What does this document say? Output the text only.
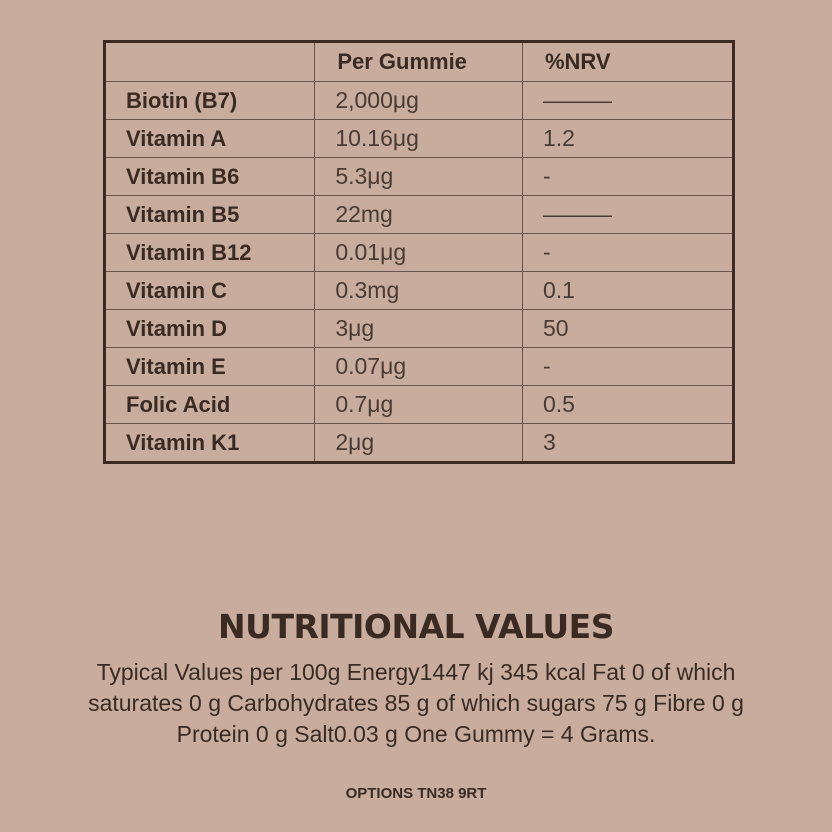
	Per Gummie	%NRV
Biotin (B7)	2,000μg	———
Vitamin A	10.16μg	1.2
Vitamin B6	5.3μg	-
Vitamin B5	22mg	———
Vitamin B12	0.01μg	-
Vitamin C	0.3mg	0.1
Vitamin D	3μg	50
Vitamin E	0.07μg	-
Folic Acid	0.7μg	0.5
Vitamin K1	2μg	3
NUTRITIONAL VALUES

Typical Values per 100g Energy1447 kj 345 kcal Fat 0 of which saturates 0 g Carbohydrates 85 g of which sugars 75 g Fibre 0 g Protein 0 g Salt0.03 g One Gummy = 4 Grams.

OPTIONS TN38 9RT
